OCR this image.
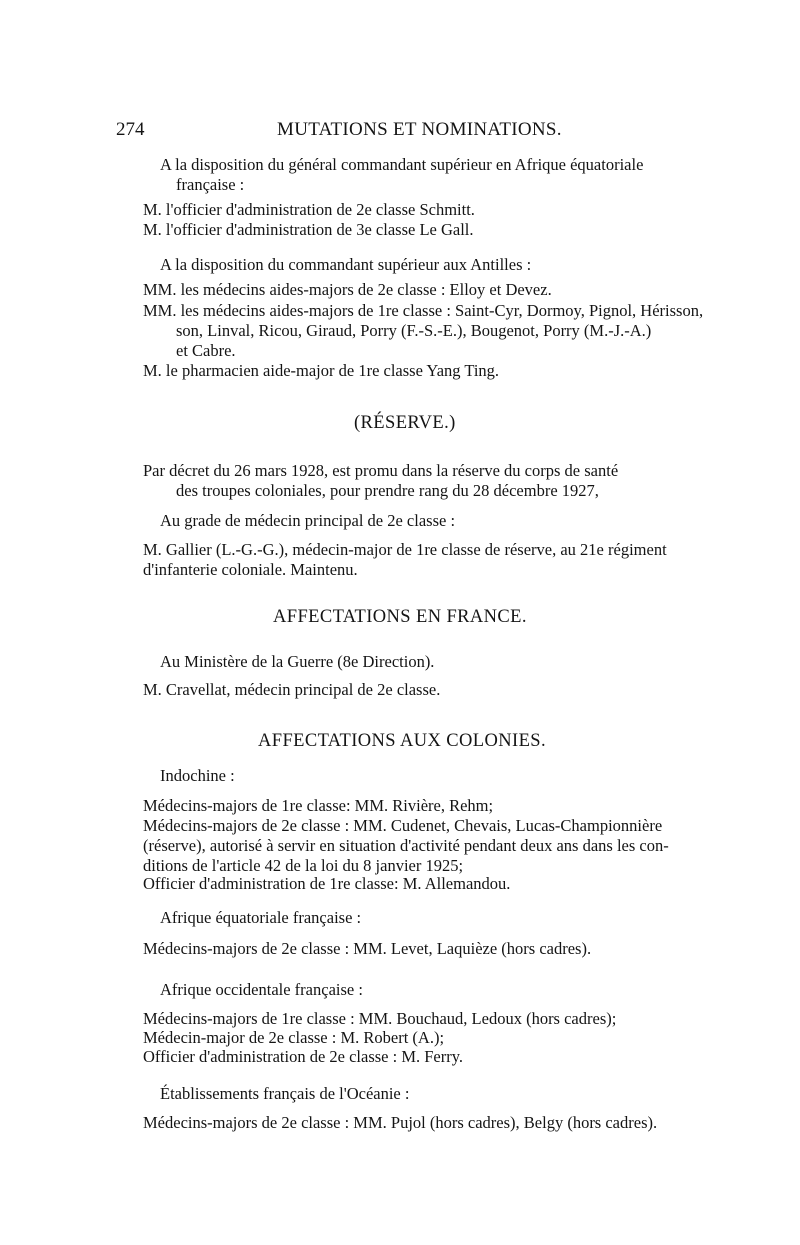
274	MUTATIONS ET NOMINATIONS.
A la disposition du général commandant supérieur en Afrique équatoriale
française :
M. l'officier d'administration de 2e classe Schmitt.
M. l'officier d'administration de 3e classe Le Gall.
A la disposition du commandant supérieur aux Antilles :
MM. les médecins aides-majors de 2e classe : Elloy et Devez.
MM. les médecins aides-majors de 1re classe : Saint-Cyr, Dormoy, Pignol, Hérisson,
son, Linval, Ricou, Giraud, Porry (F.-S.-E.), Bougenot, Porry (M.-J.-A.)
et Cabre.
M. le pharmacien aide-major de 1re classe Yang Ting.
(RÉSERVE.)
Par décret du 26 mars 1928, est promu dans la réserve du corps de santé
des troupes coloniales, pour prendre rang du 28 décembre 1927,
Au grade de médecin principal de 2e classe :
M. Gallier (L.-G.-G.), médecin-major de 1re classe de réserve, au 21e régiment
d'infanterie coloniale. Maintenu.
AFFECTATIONS EN FRANCE.
Au Ministère de la Guerre (8e Direction).
M. Cravellat, médecin principal de 2e classe.
AFFECTATIONS AUX COLONIES.
Indochine :
Médecins-majors de 1re classe: MM. Rivière, Rehm;
Médecins-majors de 2e classe : MM. Cudenet, Chevais, Lucas-Championnière
(réserve), autorisé à servir en situation d'activité pendant deux ans dans les con-
ditions de l'article 42 de la loi du 8 janvier 1925;
Officier d'administration de 1re classe: M. Allemandou.
Afrique équatoriale française :
Médecins-majors de 2e classe : MM. Levet, Laquièze (hors cadres).
Afrique occidentale française :
Médecins-majors de 1re classe : MM. Bouchaud, Ledoux (hors cadres);
Médecin-major de 2e classe : M. Robert (A.);
Officier d'administration de 2e classe : M. Ferry.
Établissements français de l'Océanie :
Médecins-majors de 2e classe : MM. Pujol (hors cadres), Belgy (hors cadres).
